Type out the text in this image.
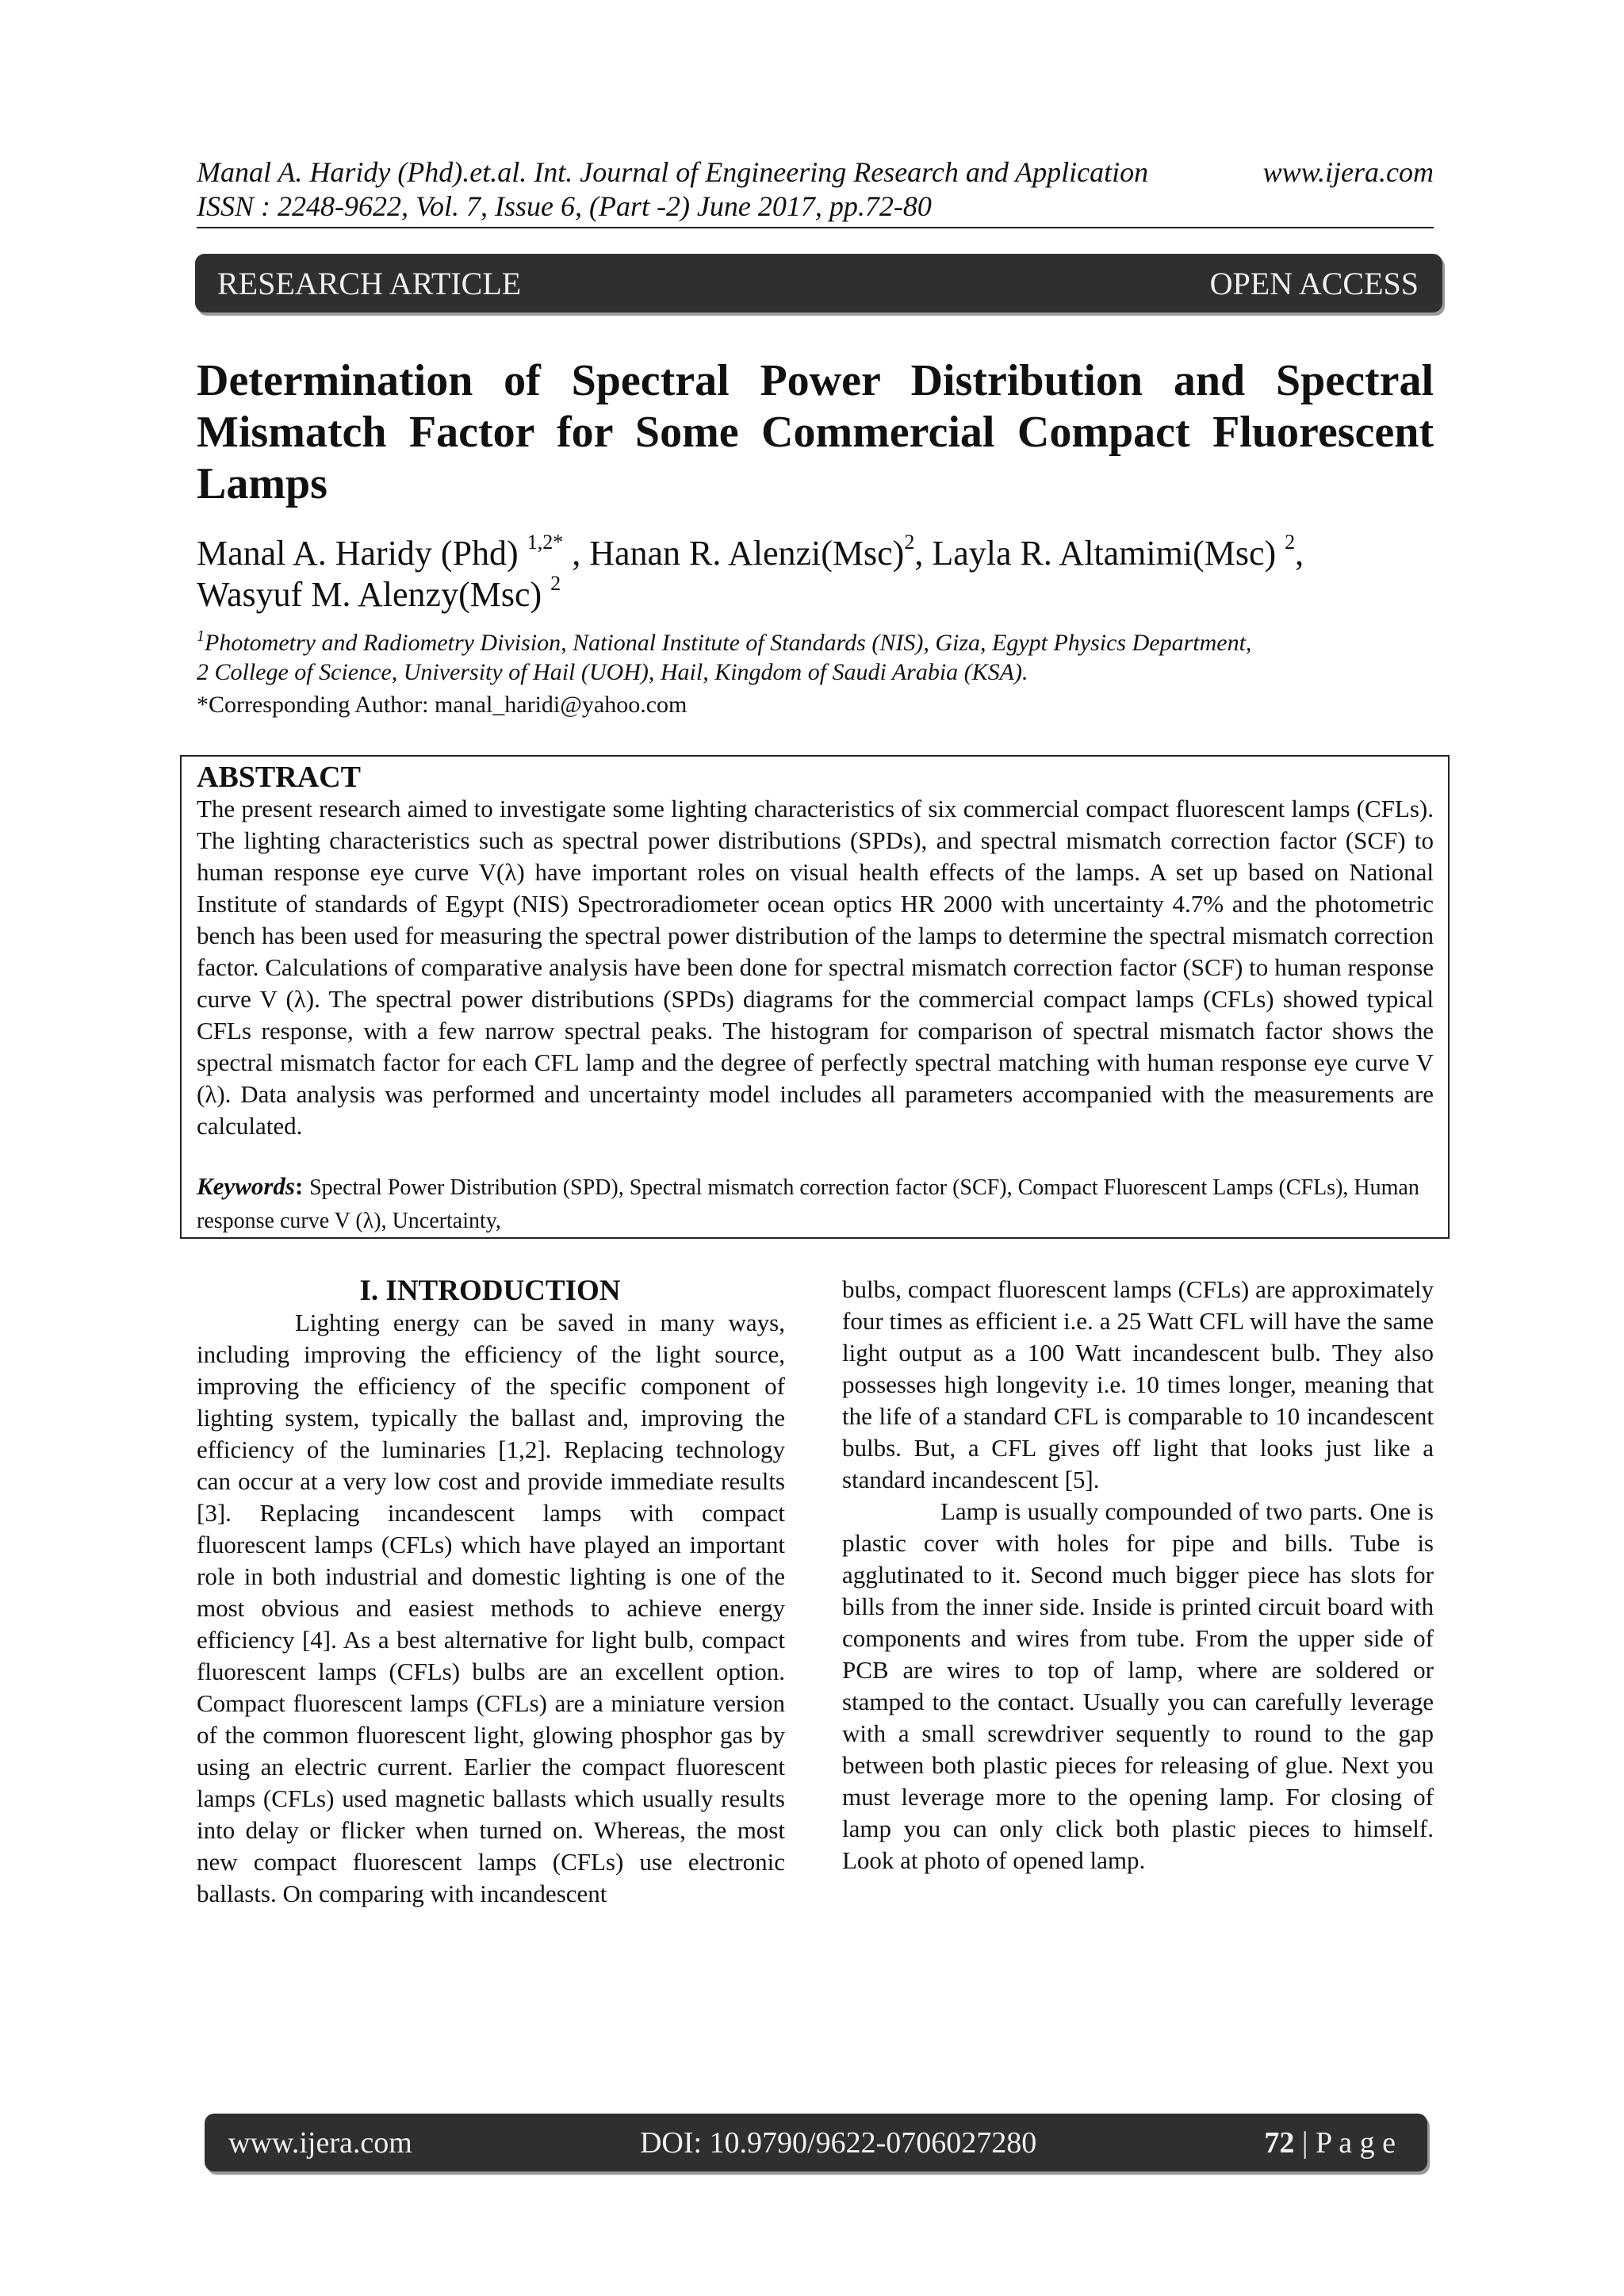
Manal A. Haridy (Phd).et.al. Int. Journal of Engineering Research and Application	www.ijera.com
ISSN : 2248-9622, Vol. 7, Issue 6, (Part -2) June 2017, pp.72-80
RESEARCH ARTICLE	OPEN ACCESS
Determination of Spectral Power Distribution and Spectral Mismatch Factor for Some Commercial Compact Fluorescent Lamps
Manal A. Haridy (Phd) $^{1,2*}$ , Hanan R. Alenzi(Msc)$^2$, Layla R. Altamimi(Msc) $^2$,
Wasyuf M. Alenzy(Msc) $^2$
$^1$Photometry and Radiometry Division, National Institute of Standards (NIS), Giza, Egypt Physics Department,
2 College of Science, University of Hail (UOH), Hail, Kingdom of Saudi Arabia (KSA).
*Corresponding Author: manal_haridi@yahoo.com
ABSTRACT

The present research aimed to investigate some lighting characteristics of six commercial compact fluorescent lamps (CFLs). The lighting characteristics such as spectral power distributions (SPDs), and spectral mismatch correction factor (SCF) to human response eye curve V(λ) have important roles on visual health effects of the lamps. A set up based on National Institute of standards of Egypt (NIS) Spectroradiometer ocean optics HR 2000 with uncertainty 4.7% and the photometric bench has been used for measuring the spectral power distribution of the lamps to determine the spectral mismatch correction factor. Calculations of comparative analysis have been done for spectral mismatch correction factor (SCF) to human response curve V (λ). The spectral power distributions (SPDs) diagrams for the commercial compact lamps (CFLs) showed typical CFLs response, with a few narrow spectral peaks. The histogram for comparison of spectral mismatch factor shows the spectral mismatch factor for each CFL lamp and the degree of perfectly spectral matching with human response eye curve V (λ). Data analysis was performed and uncertainty model includes all parameters accompanied with the measurements are calculated.

Keywords: Spectral Power Distribution (SPD), Spectral mismatch correction factor (SCF), Compact Fluorescent Lamps (CFLs), Human response curve V (λ), Uncertainty,

I. INTRODUCTION

Lighting energy can be saved in many ways, including improving the efficiency of the light source, improving the efficiency of the specific component of lighting system, typically the ballast and, improving the efficiency of the luminaries [1,2]. Replacing technology can occur at a very low cost and provide immediate results [3]. Replacing incandescent lamps with compact fluorescent lamps (CFLs) which have played an important role in both industrial and domestic lighting is one of the most obvious and easiest methods to achieve energy efficiency [4]. As a best alternative for light bulb, compact fluorescent lamps (CFLs) bulbs are an excellent option. Compact fluorescent lamps (CFLs) are a miniature version of the common fluorescent light, glowing phosphor gas by using an electric current. Earlier the compact fluorescent lamps (CFLs) used magnetic ballasts which usually results into delay or flicker when turned on. Whereas, the most new compact fluorescent lamps (CFLs) use electronic ballasts. On comparing with incandescent

bulbs, compact fluorescent lamps (CFLs) are approximately four times as efficient i.e. a 25 Watt CFL will have the same light output as a 100 Watt incandescent bulb. They also possesses high longevity i.e. 10 times longer, meaning that the life of a standard CFL is comparable to 10 incandescent bulbs. But, a CFL gives off light that looks just like a standard incandescent [5].

Lamp is usually compounded of two parts. One is plastic cover with holes for pipe and bills. Tube is agglutinated to it. Second much bigger piece has slots for bills from the inner side. Inside is printed circuit board with components and wires from tube. From the upper side of PCB are wires to top of lamp, where are soldered or stamped to the contact. Usually you can carefully leverage with a small screwdriver sequently to round to the gap between both plastic pieces for releasing of glue. Next you must leverage more to the opening lamp. For closing of lamp you can only click both plastic pieces to himself. Look at photo of opened lamp.

www.ijera.com	DOI: 10.9790/9622-0706027280	72 | P a g e
